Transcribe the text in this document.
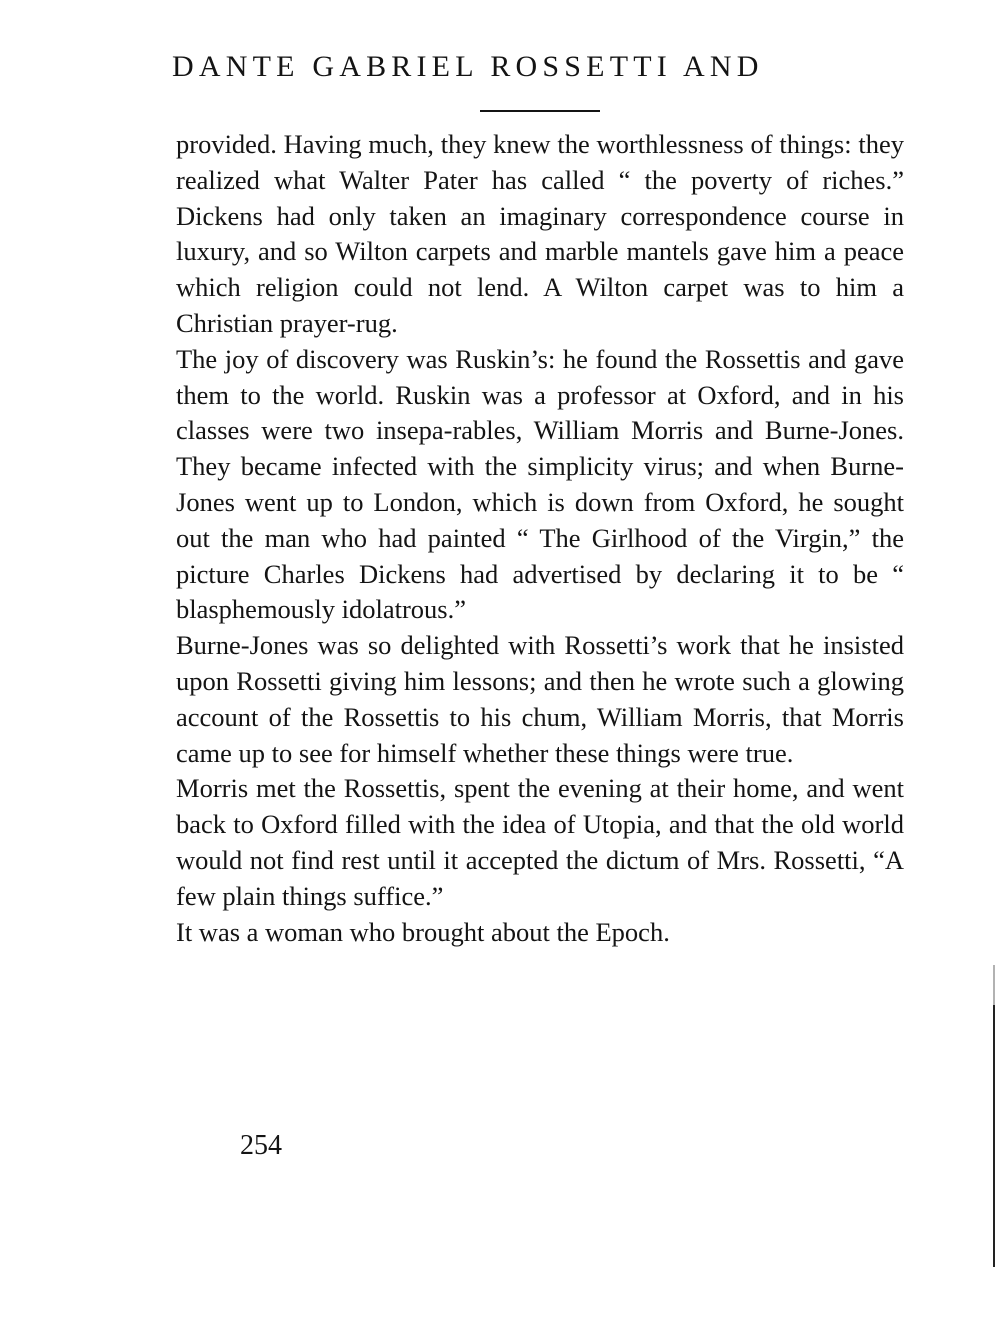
DANTE GABRIEL ROSSETTI AND

provided. Having much, they knew the worthlessness of things: they realized what Walter Pater has called “ the poverty of riches.” Dickens had only taken an imaginary correspondence course in luxury, and so Wilton carpets and marble mantels gave him a peace which religion could not lend. A Wilton carpet was to him a Christian prayer-rug.

The joy of discovery was Ruskin’s: he found the Rossettis and gave them to the world. Ruskin was a professor at Oxford, and in his classes were two insepa-rables, William Morris and Burne-Jones. They became infected with the simplicity virus; and when Burne-Jones went up to London, which is down from Oxford, he sought out the man who had painted “ The Girlhood of the Virgin,” the picture Charles Dickens had advertised by declaring it to be “ blasphemously idolatrous.”

Burne-Jones was so delighted with Rossetti’s work that he insisted upon Rossetti giving him lessons; and then he wrote such a glowing account of the Rossettis to his chum, William Morris, that Morris came up to see for himself whether these things were true.

Morris met the Rossettis, spent the evening at their home, and went back to Oxford filled with the idea of Utopia, and that the old world would not find rest until it accepted the dictum of Mrs. Rossetti, “A few plain things suffice.”

It was a woman who brought about the Epoch.

254
